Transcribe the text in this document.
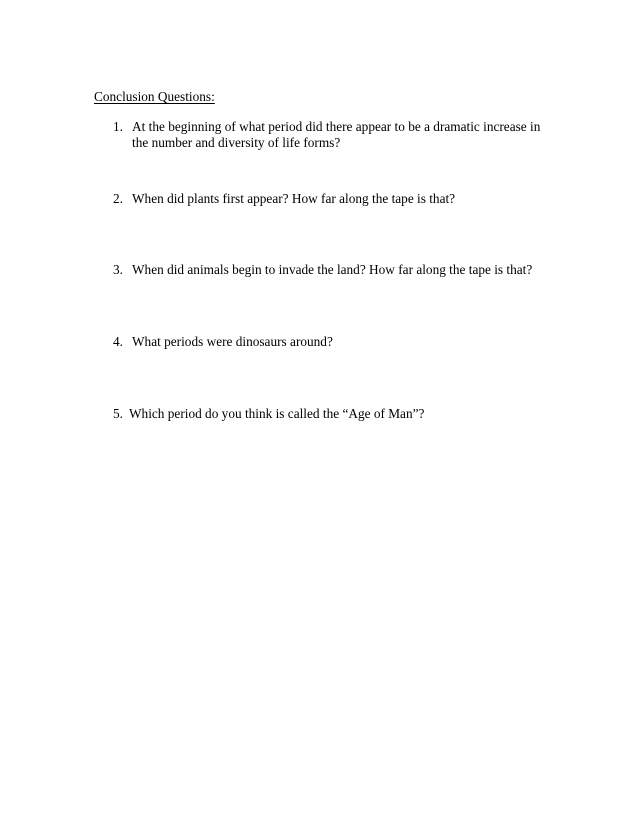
Conclusion Questions:
1. At the beginning of what period did there appear to be a dramatic increase in the number and diversity of life forms?
2. When did plants first appear? How far along the tape is that?
3. When did animals begin to invade the land? How far along the tape is that?
4. What periods were dinosaurs around?
5. Which period do you think is called the “Age of Man”?
